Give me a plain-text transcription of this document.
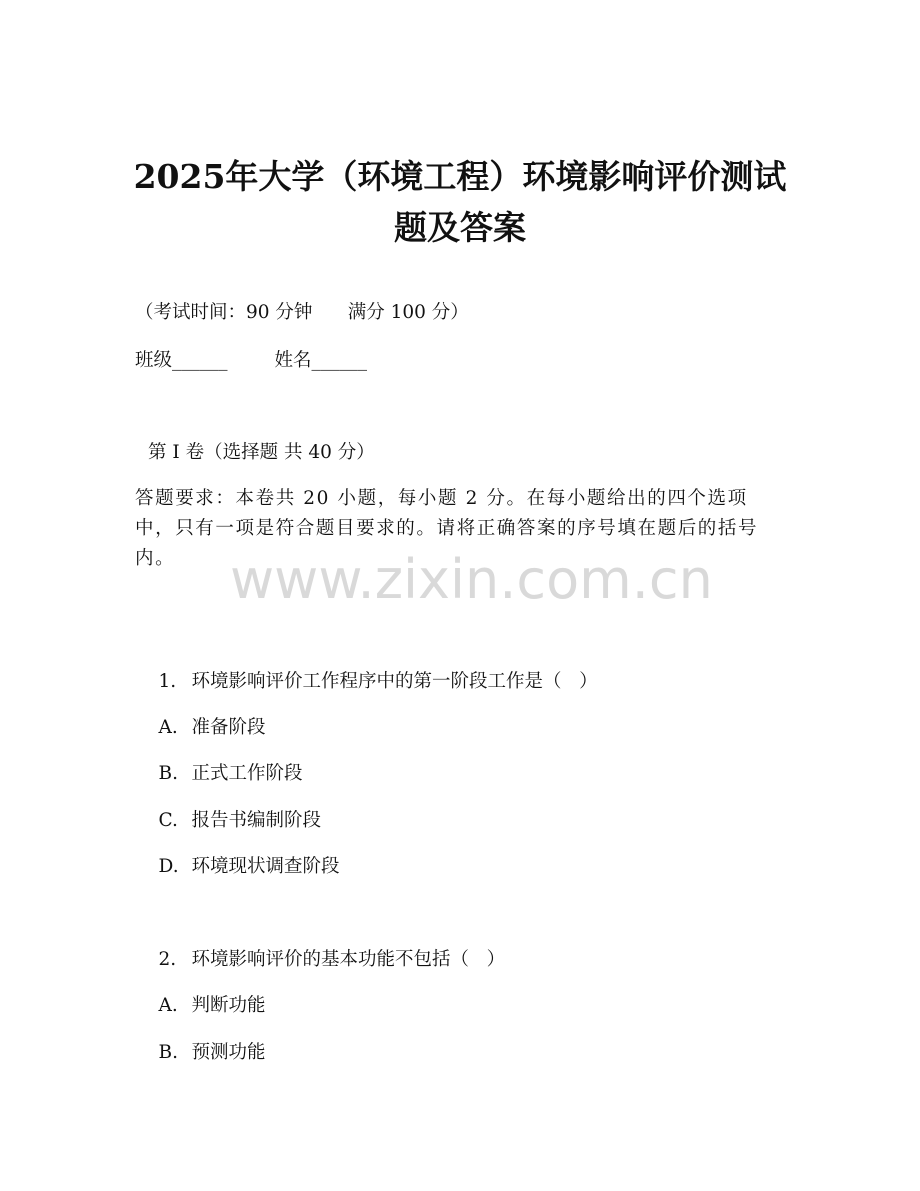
2025年大学（环境工程）环境影响评价测试
题及答案
（考试时间：90 分钟      满分 100 分）
班级______        姓名______
第 I 卷（选择题 共 40 分）
答题要求：本卷共 20 小题，每小题 2 分。在每小题给出的四个选项中，只有一项是符合题目要求的。请将正确答案的序号填在题后的括号内。	www.zixin.com.cn

1. 环境影响评价工作程序中的第一阶段工作是（   ）

A. 准备阶段

B. 正式工作阶段

C. 报告书编制阶段

D. 环境现状调查阶段

2. 环境影响评价的基本功能不包括（   ）

A. 判断功能

B. 预测功能
